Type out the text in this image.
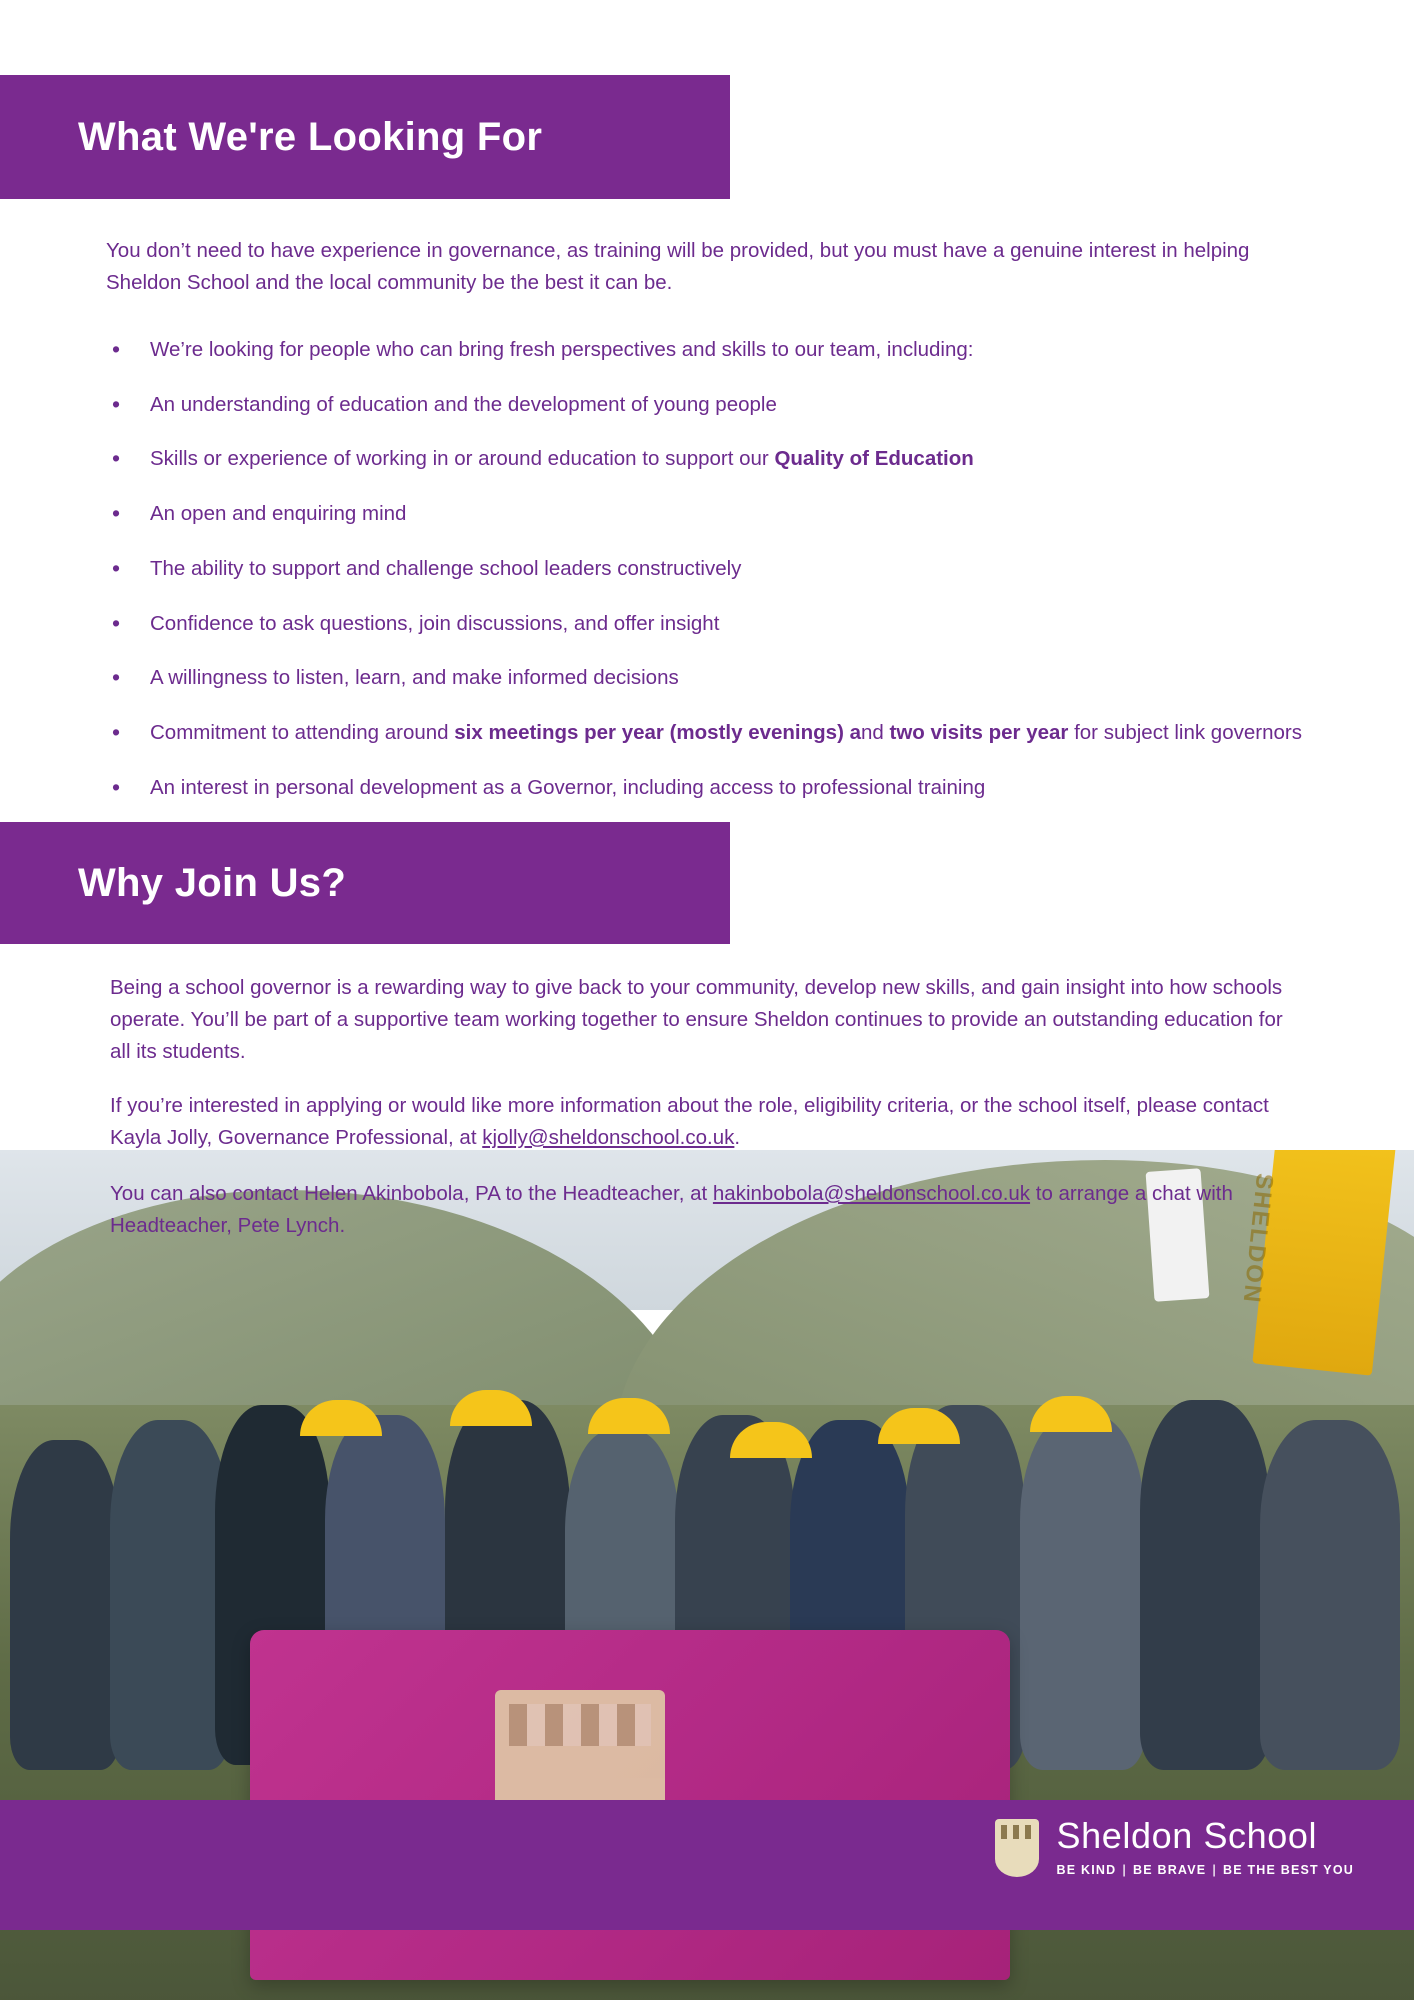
SHELDON
What We're Looking For
You don’t need to have experience in governance, as training will be provided, but you must have a genuine interest in helping Sheldon School and the local community be the best it can be.
• We’re looking for people who can bring fresh perspectives and skills to our team, including:
• An understanding of education and the development of young people
• Skills or experience of working in or around education to support our Quality of Education
• An open and enquiring mind
• The ability to support and challenge school leaders constructively
• Confidence to ask questions, join discussions, and offer insight
• A willingness to listen, learn, and make informed decisions
• Commitment to attending around six meetings per year (mostly evenings) and two visits per year for subject link governors
• An interest in personal development as a Governor, including access to professional training
Why Join Us?
Being a school governor is a rewarding way to give back to your community, develop new skills, and gain insight into how schools operate. You’ll be part of a supportive team working together to ensure Sheldon continues to provide an outstanding education for all its students.
If you’re interested in applying or would like more information about the role, eligibility criteria, or the school itself, please contact Kayla Jolly, Governance Professional, at kjolly@sheldonschool.co.uk.
You can also contact Helen Akinbobola, PA to the Headteacher, at hakinbobola@sheldonschool.co.uk to arrange a chat with Headteacher, Pete Lynch.
Sheldon School
BE KIND | BE BRAVE | BE THE BEST YOU
